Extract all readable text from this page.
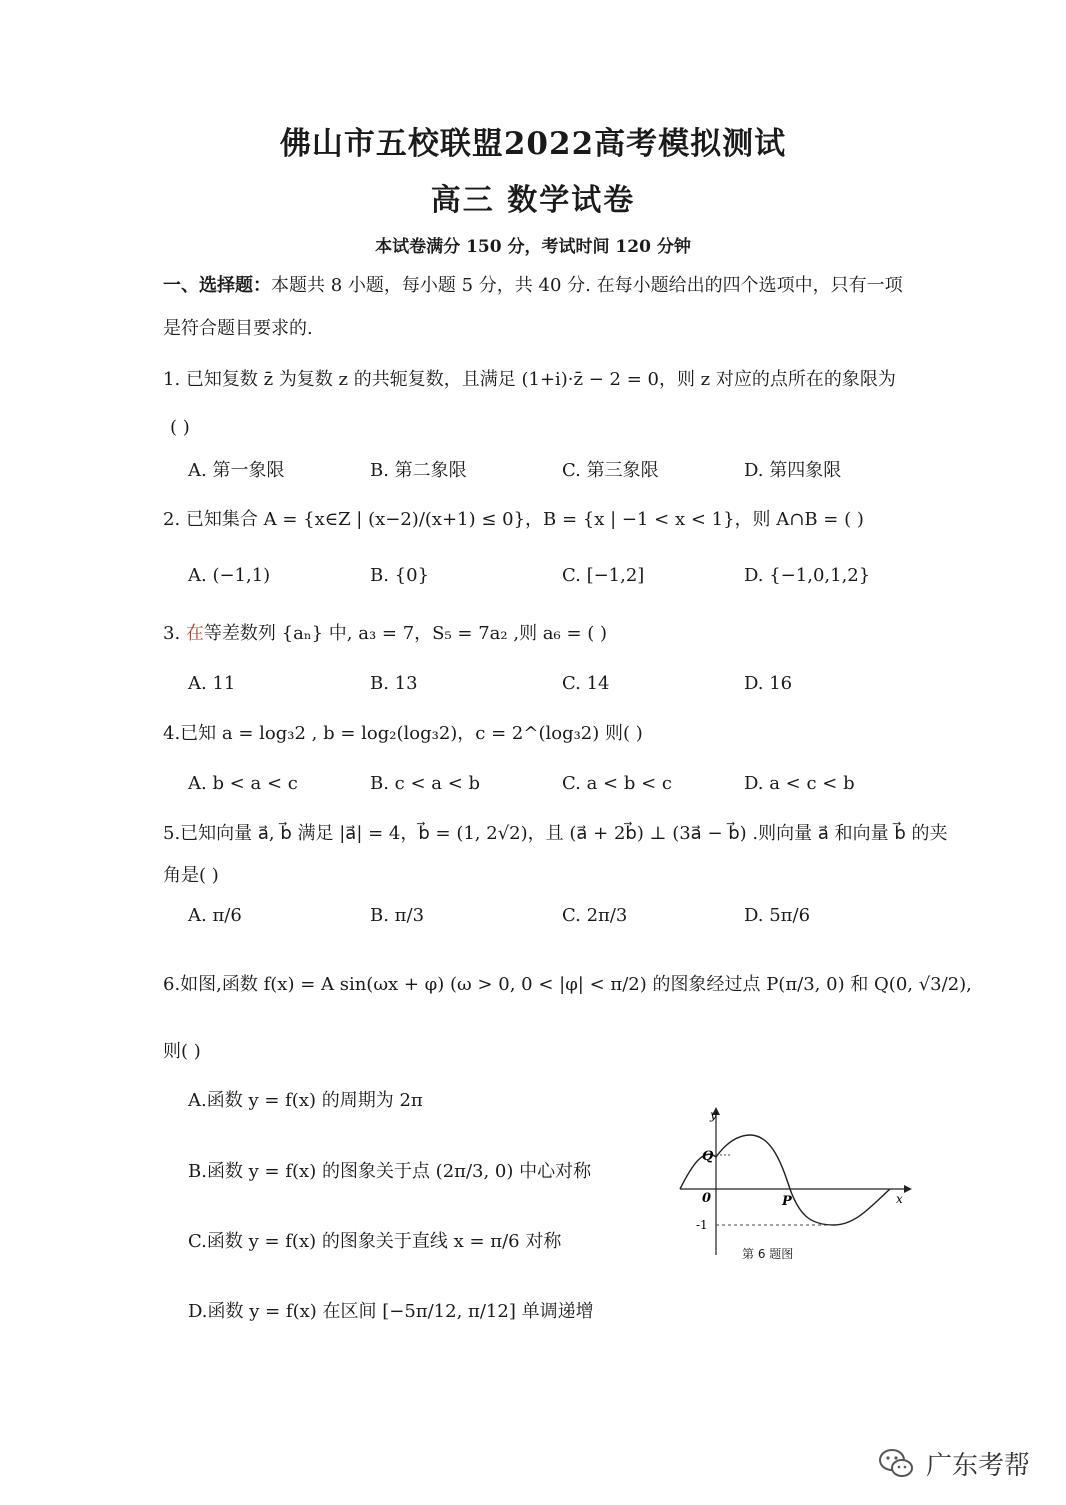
佛山市五校联盟2022高考模拟测试
高三 数学试卷
本试卷满分 150 分，考试时间 120 分钟
一、选择题：本题共 8 小题，每小题 5 分，共 40 分. 在每小题给出的四个选项中，只有一项
是符合题目要求的.
1. 已知复数 z̄ 为复数 z 的共轭复数，且满足 (1+i)·z̄ − 2 = 0，则 z 对应的点所在的象限为
( )
A. 第一象限	B. 第二象限	C. 第三象限	D. 第四象限
2. 已知集合 A = {x∈Z | (x−2)/(x+1) ≤ 0}，B = {x | −1 < x < 1}，则 A∩B = ( )
A. (−1,1)	B. {0}	C. [−1,2]	D. {−1,0,1,2}
3. 在等差数列 {aₙ} 中, a₃ = 7，S₅ = 7a₂ ,则 a₆ = ( )
A. 11	B. 13	C. 14	D. 16
4.已知 a = log₃2 , b = log₂(log₃2)，c = 2^(log₃2) 则( )
A. b < a < c	B. c < a < b	C. a < b < c	D. a < c < b
5.已知向量 a⃗, b⃗ 满足 |a⃗| = 4，b⃗ = (1, 2√2)，且 (a⃗ + 2b⃗) ⊥ (3a⃗ − b⃗) .则向量 a⃗ 和向量 b⃗ 的夹
角是( )
A. π/6	B. π/3	C. 2π/3	D. 5π/6
6.如图,函数 f(x) = A sin(ωx + φ) (ω > 0, 0 < |φ| < π/2) 的图象经过点 P(π/3, 0) 和 Q(0, √3/2),
则( )
A.函数 y = f(x) 的周期为 2π
B.函数 y = f(x) 的图象关于点 (2π/3, 0) 中心对称
C.函数 y = f(x) 的图象关于直线 x = π/6 对称
D.函数 y = f(x) 在区间 [−5π/12, π/12] 单调递增
y
x
Q
0	P
-1
第 6 题图
广东考帮
